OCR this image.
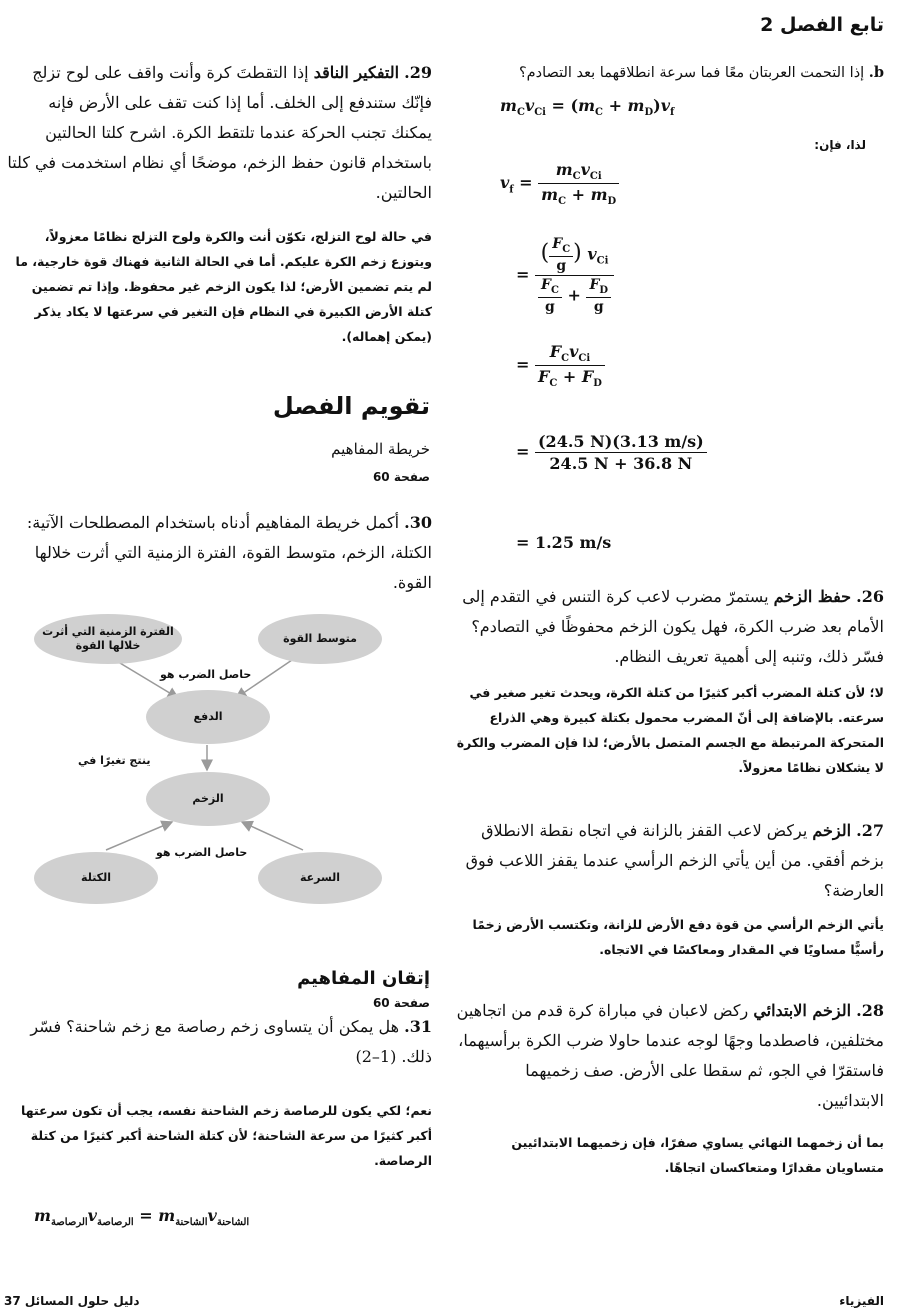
تابع الفصل 2
b. إذا التحمت العربتان معًا فما سرعة انطلاقهما بعد التصادم؟
$m_Cv_{Ci} = (m_C + m_D)v_f$
لذا، فإن:
$v_f = \frac{m_Cv_{Ci}}{m_C + m_D}$
= $\frac{( \frac{F_C}{g} ) v_{Ci}}{\frac{F_C}{g} + \frac{F_D}{g}}$
= $\frac{F_Cv_{Ci}}{F_C + F_D}$
= $\frac{(24.5 N)(3.13 m/s)}{24.5 N + 36.8 N}$
= 1.25 m/s
26. حفظ الزخم يستمرّ مضرب لاعب كرة التنس في التقدم إلى الأمام بعد ضرب الكرة، فهل يكون الزخم محفوظًا في التصادم؟ فسّر ذلك، وتنبه إلى أهمية تعريف النظام.
لا؛ لأن كتلة المضرب أكبر كثيرًا من كتلة الكرة، ويحدث تغير صغير في سرعته. بالإضافة إلى أنّ المضرب محمول بكتلة كبيرة وهي الذراع المتحركة المرتبطة مع الجسم المتصل بالأرض؛ لذا فإن المضرب والكرة لا يشكلان نظامًا معزولاً.
27. الزخم يركض لاعب القفز بالزانة في اتجاه نقطة الانطلاق بزخم أفقي. من أين يأتي الزخم الرأسي عندما يقفز اللاعب فوق العارضة؟
يأتي الزخم الرأسي من قوة دفع الأرض للزانة، وتكتسب الأرض زخمًا رأسيًّا مساويًا في المقدار ومعاكسًا في الاتجاه.
28. الزخم الابتدائي ركض لاعبان في مباراة كرة قدم من اتجاهين مختلفين، فاصطدما وجهًا لوجه عندما حاولا ضرب الكرة برأسيهما، فاستقرّا في الجو، ثم سقطا على الأرض. صف زخميهما الابتدائيين.
بما أن زخمهما النهائي يساوي صفرًا، فإن زخميهما الابتدائيين متساويان مقدارًا ومتعاكسان اتجاهًا.
29. التفكير الناقد إذا التقطتَ كرة وأنت واقف على لوح تزلج فإنّك ستندفع إلى الخلف. أما إذا كنت تقف على الأرض فإنه يمكنك تجنب الحركة عندما تلتقط الكرة. اشرح كلتا الحالتين باستخدام قانون حفظ الزخم، موضحًا أي نظام استخدمت في كلتا الحالتين.
في حالة لوح التزلج، تكوّن أنت والكرة ولوح التزلج نظامًا معزولاً، ويتوزع زخم الكرة عليكم. أما في الحالة الثانية فهناك قوة خارجية، ما لم يتم تضمين الأرض؛ لذا يكون الزخم غير محفوظ. وإذا تم تضمين كتلة الأرض الكبيرة في النظام فإن التغير في سرعتها لا يكاد يذكر (يمكن إهماله).
تقويم الفصل
خريطة المفاهيم
صفحة 60
30. أكمل خريطة المفاهيم أدناه باستخدام المصطلحات الآتية: الكتلة، الزخم، متوسط القوة، الفترة الزمنية التي أثرت خلالها القوة.
الفترة الزمنية التي أثرت خلالها القوة
متوسط القوة
الدفع
الزخم
الكتلة	السرعة
حاصل الضرب هو
ينتج تغيرًا في
حاصل الضرب هو
إتقان المفاهيم
صفحة 60
31. هل يمكن أن يتساوى زخم رصاصة مع زخم شاحنة؟ فسّر ذلك. (1–2)
نعم؛ لكي يكون للرصاصة زخم الشاحنة نفسه، يجب أن تكون سرعتها أكبر كثيرًا من سرعة الشاحنة؛ لأن كتلة الشاحنة أكبر كثيرًا من كتلة الرصاصة.
$m_{الرصاصة}v_{الرصاصة} = m_{الشاحنة}v_{الشاحنة}$
دليل حلول المسائل 37	الفيزياء
